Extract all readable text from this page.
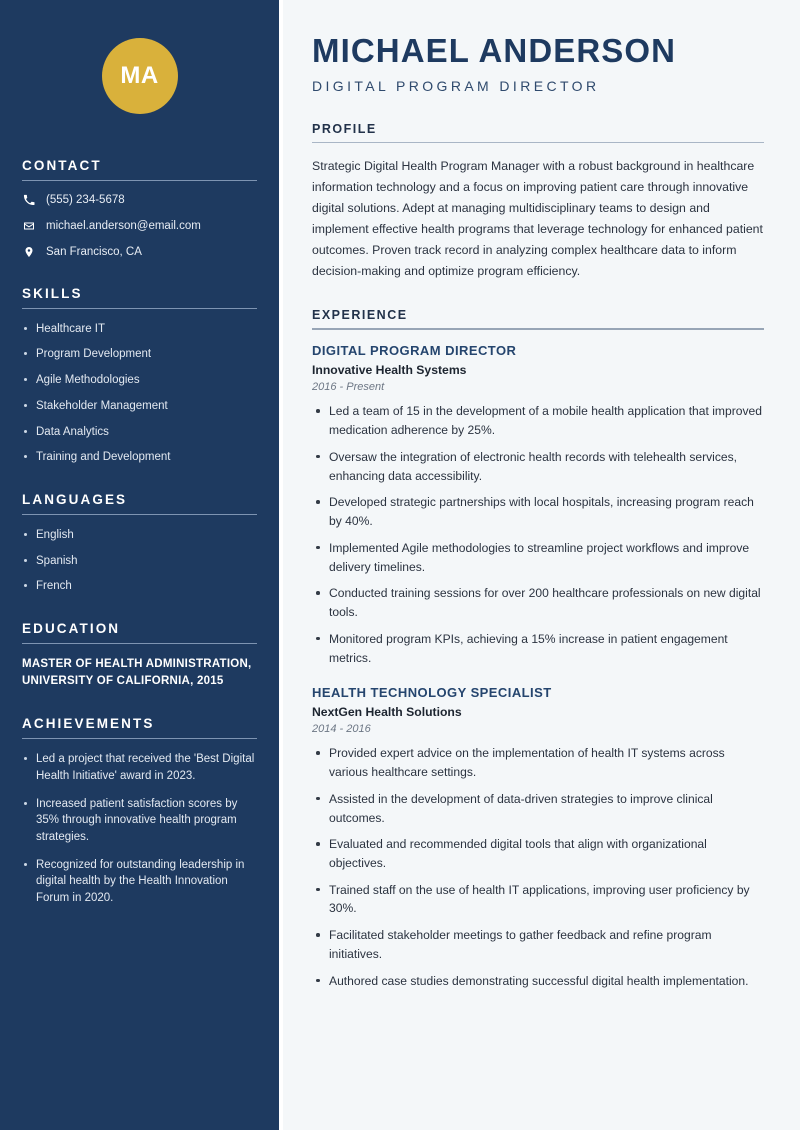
MA
CONTACT
(555) 234-5678
michael.anderson@email.com
San Francisco, CA
SKILLS
Healthcare IT
Program Development
Agile Methodologies
Stakeholder Management
Data Analytics
Training and Development
LANGUAGES
English
Spanish
French
EDUCATION
MASTER OF HEALTH ADMINISTRATION, UNIVERSITY OF CALIFORNIA, 2015
ACHIEVEMENTS
Led a project that received the 'Best Digital Health Initiative' award in 2023.
Increased patient satisfaction scores by 35% through innovative health program strategies.
Recognized for outstanding leadership in digital health by the Health Innovation Forum in 2020.
MICHAEL ANDERSON
DIGITAL PROGRAM DIRECTOR
PROFILE

Strategic Digital Health Program Manager with a robust background in healthcare information technology and a focus on improving patient care through innovative digital solutions. Adept at managing multidisciplinary teams to design and implement effective health programs that leverage technology for enhanced patient outcomes. Proven track record in analyzing complex healthcare data to inform decision-making and optimize program efficiency.

EXPERIENCE
DIGITAL PROGRAM DIRECTOR
Innovative Health Systems
2016 - Present
Led a team of 15 in the development of a mobile health application that improved medication adherence by 25%.
Oversaw the integration of electronic health records with telehealth services, enhancing data accessibility.
Developed strategic partnerships with local hospitals, increasing program reach by 40%.
Implemented Agile methodologies to streamline project workflows and improve delivery timelines.
Conducted training sessions for over 200 healthcare professionals on new digital tools.
Monitored program KPIs, achieving a 15% increase in patient engagement metrics.
HEALTH TECHNOLOGY SPECIALIST
NextGen Health Solutions
2014 - 2016
Provided expert advice on the implementation of health IT systems across various healthcare settings.
Assisted in the development of data-driven strategies to improve clinical outcomes.
Evaluated and recommended digital tools that align with organizational objectives.
Trained staff on the use of health IT applications, improving user proficiency by 30%.
Facilitated stakeholder meetings to gather feedback and refine program initiatives.
Authored case studies demonstrating successful digital health implementation.
